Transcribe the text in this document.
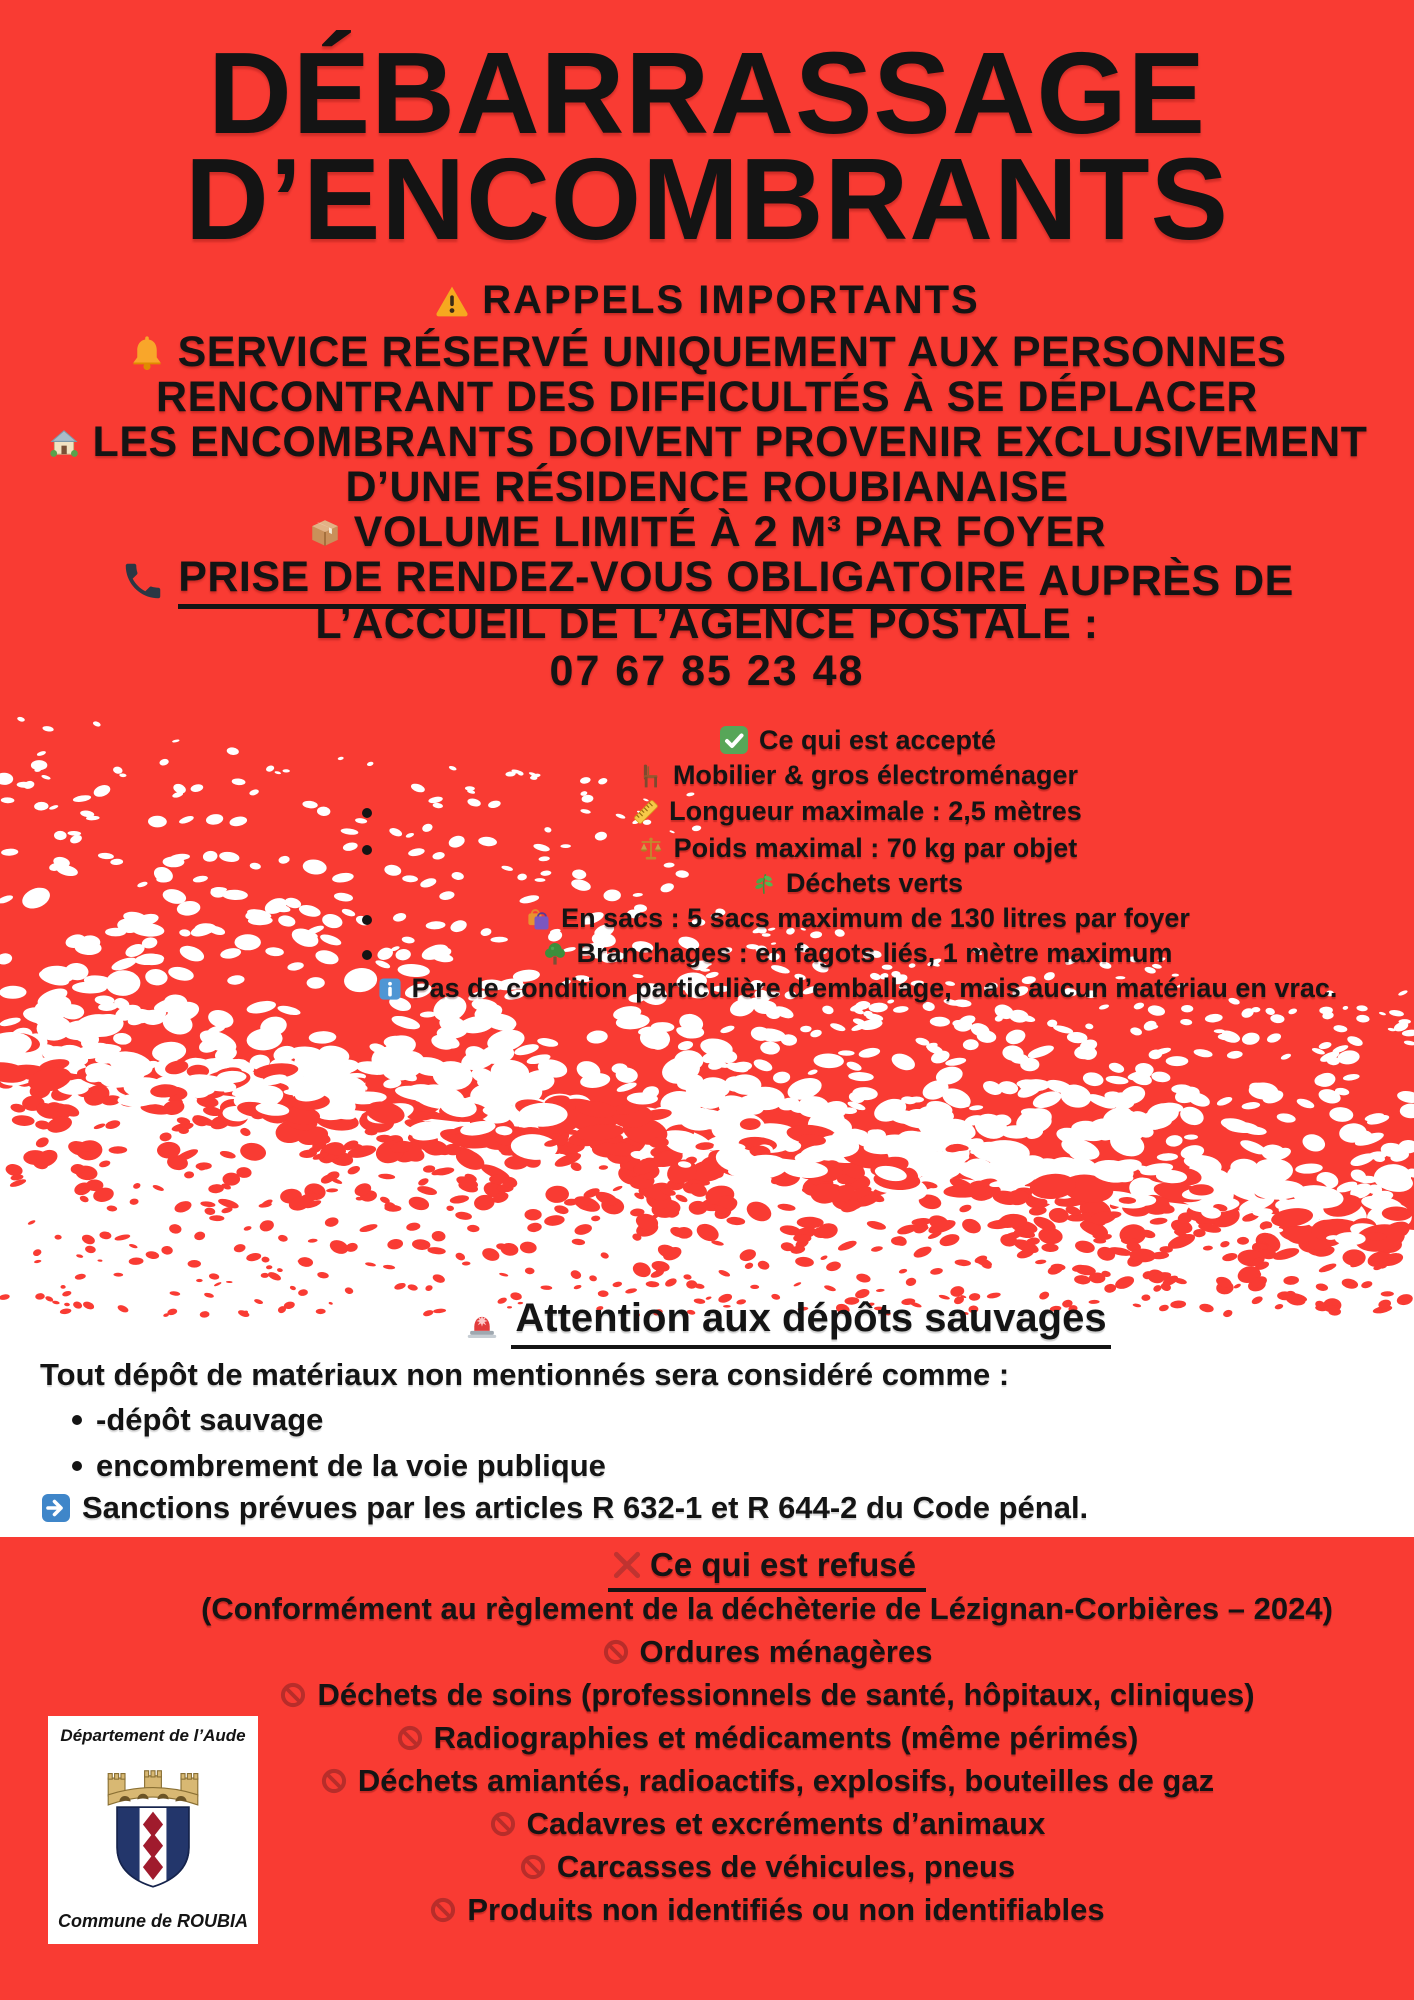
DÉBARRASSAGE
D’ENCOMBRANTS
RAPPELS IMPORTANTS
SERVICE RÉSERVÉ UNIQUEMENT AUX PERSONNES
RENCONTRANT DES DIFFICULTÉS À SE DÉPLACER
LES ENCOMBRANTS DOIVENT PROVENIR EXCLUSIVEMENT
D’UNE RÉSIDENCE ROUBIANAISE
VOLUME LIMITÉ À 2 M³ PAR FOYER
PRISE DE RENDEZ-VOUS OBLIGATOIRE AUPRÈS DE
L’ACCUEIL DE L’AGENCE POSTALE :
07 67 85 23 48
Ce qui est accepté
Mobilier & gros électroménager
Longueur maximale : 2,5 mètres
Poids maximal : 70 kg par objet
Déchets verts
En sacs : 5 sacs maximum de 130 litres par foyer
Branchages : en fagots liés, 1 mètre maximum
Pas de condition particulière d’emballage, mais aucun matériau en vrac.
Attention aux dépôts sauvages
Tout dépôt de matériaux non mentionnés sera considéré comme :
-dépôt sauvage
encombrement de la voie publique
Sanctions prévues par les articles R 632-1 et R 644-2 du Code pénal.
Ce qui est refusé
(Conformément au règlement de la déchèterie de Lézignan-Corbières – 2024)
Ordures ménagères
Déchets de soins (professionnels de santé, hôpitaux, cliniques)
Radiographies et médicaments (même périmés)
Déchets amiantés, radioactifs, explosifs, bouteilles de gaz
Cadavres et excréments d’animaux
Carcasses de véhicules, pneus
Produits non identifiés ou non identifiables
Département de l’Aude
Commune de ROUBIA
